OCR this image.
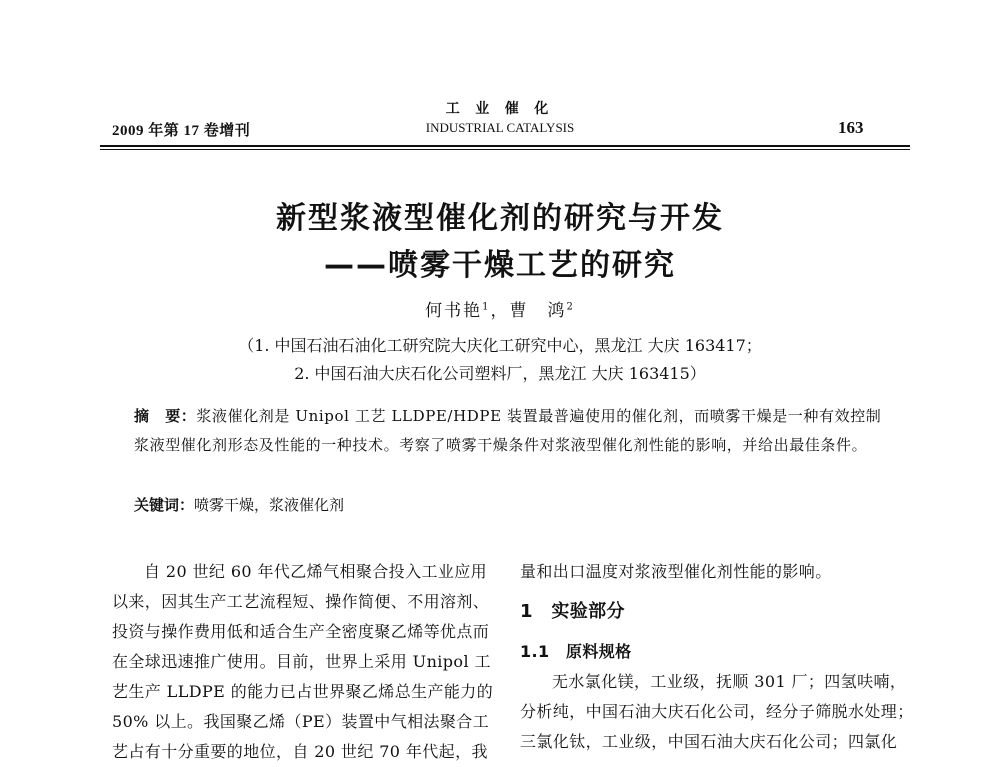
2009 年第 17 卷增刊
工 业 催 化
INDUSTRIAL CATALYSIS	163
新型浆液型催化剂的研究与开发
——喷雾干燥工艺的研究
何书艳$^1$，曹　鸿$^2$
（1. 中国石油石油化工研究院大庆化工研究中心，黑龙江 大庆 163417；
2. 中国石油大庆石化公司塑料厂，黑龙江 大庆 163415）
摘　要：浆液催化剂是 Unipol 工艺 LLDPE/HDPE 装置最普遍使用的催化剂，而喷雾干燥是一种有效控制浆液型催化剂形态及性能的一种技术。考察了喷雾干燥条件对浆液型催化剂性能的影响，并给出最佳条件。
关键词：喷雾干燥，浆液催化剂

自 20 世纪 60 年代乙烯气相聚合投入工业应用以来，因其生产工艺流程短、操作简便、不用溶剂、投资与操作费用低和适合生产全密度聚乙烯等优点而在全球迅速推广使用。目前，世界上采用 Unipol 工艺生产 LLDPE 的能力已占世界聚乙烯总生产能力的 50% 以上。我国聚乙烯（PE）装置中气相法聚合工艺占有十分重要的地位，自 20 世纪 70 年代起，我

量和出口温度对浆液型催化剂性能的影响。

1　实验部分

1.1　原料规格

无水氯化镁，工业级，抚顺 301 厂；四氢呋喃，分析纯，中国石油大庆石化公司，经分子筛脱水处理；三氯化钛，工业级，中国石油大庆石化公司；四氯化
